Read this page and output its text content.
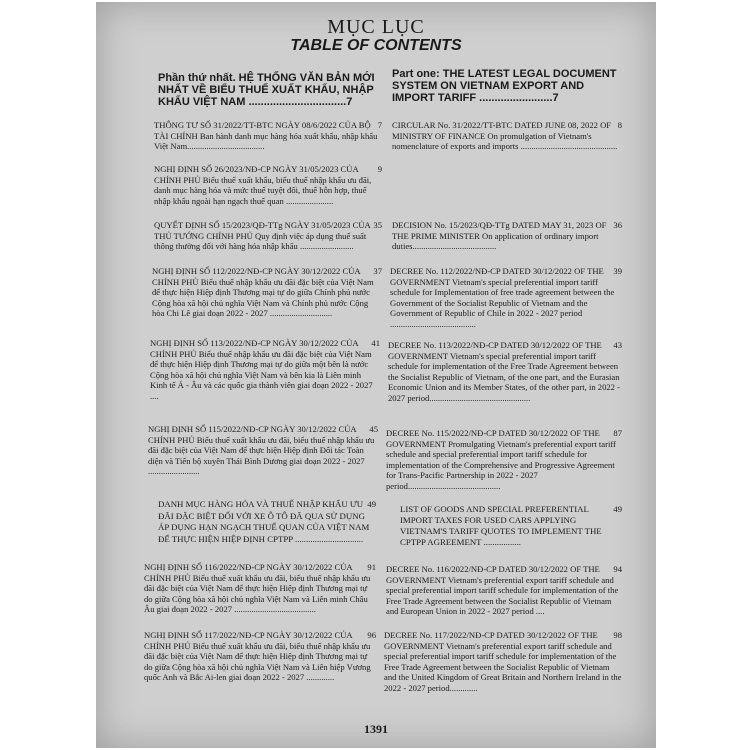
MỤC LỤC
TABLE OF CONTENTS
Phần thứ nhất. HỆ THỐNG VĂN BẢN MỚI NHẤT VỀ BIỂU THUẾ XUẤT KHẨU, NHẬP KHẨU VIỆT NAM ................................7
7
THÔNG TƯ SỐ 31/2022/TT-BTC NGÀY 08/6/2022 CỦA BỘ TÀI CHÍNH Ban hành danh mục hàng hóa xuất khẩu, nhập khẩu Việt Nam....................................
9
NGHỊ ĐỊNH SỐ 26/2023/NĐ-CP NGÀY 31/05/2023 CỦA CHÍNH PHỦ Biểu thuế xuất khẩu, biểu thuế nhập khẩu ưu đãi, danh mục hàng hóa và mức thuế tuyệt đối, thuế hỗn hợp, thuế nhập khẩu ngoài hạn ngạch thuế quan ......................
35
QUYẾT ĐỊNH SỐ 15/2023/QĐ-TTg NGÀY 31/05/2023 CỦA THỦ TƯỚNG CHÍNH PHỦ Quy định việc áp dụng thuế suất thông thường đối với hàng hóa nhập khẩu .........................
37
NGHỊ ĐỊNH SỐ 112/2022/NĐ-CP NGÀY 30/12/2022 CỦA CHÍNH PHỦ Biểu thuế nhập khẩu ưu đãi đặc biệt của Việt Nam để thực hiện Hiệp định Thương mại tự do giữa Chính phủ nước Cộng hòa xã hội chủ nghĩa Việt Nam và Chính phủ nước Cộng hòa Chi Lê giai đoạn 2022 - 2027 .............................
41
NGHỊ ĐỊNH SỐ 113/2022/NĐ-CP NGÀY 30/12/2022 CỦA CHÍNH PHỦ Biểu thuế nhập khẩu ưu đãi đặc biệt của Việt Nam để thực hiện Hiệp định Thương mại tự do giữa một bên là nước Cộng hòa xã hội chủ nghĩa Việt Nam và bên kia là Liên minh Kinh tế Á - Âu và các quốc gia thành viên giai đoạn 2022 - 2027 ....
45
NGHỊ ĐỊNH SỐ 115/2022/NĐ-CP NGÀY 30/12/2022 CỦA CHÍNH PHỦ Biểu thuế xuất khẩu ưu đãi, biểu thuế nhập khẩu ưu đãi đặc biệt của Việt Nam để thực hiện Hiệp định Đối tác Toàn diện và Tiến bộ xuyên Thái Bình Dương giai đoạn 2022 - 2027 ........................
49
DANH MỤC HÀNG HÓA VÀ THUẾ NHẬP KHẨU ƯU ĐÃI ĐẶC BIỆT ĐỐI VỚI XE Ô TÔ ĐÃ QUA SỬ DỤNG ÁP DỤNG HẠN NGẠCH THUẾ QUAN CỦA VIỆT NAM ĐỂ THỰC HIỆN HIỆP ĐỊNH CPTPP ...............................
91
NGHỊ ĐỊNH SỐ 116/2022/NĐ-CP NGÀY 30/12/2022 CỦA CHÍNH PHỦ Biểu thuế xuất khẩu ưu đãi, biểu thuế nhập khẩu ưu đãi đặc biệt của Việt Nam để thực hiện Hiệp định Thương mại tự do giữa Cộng hòa xã hội chủ nghĩa Việt Nam và Liên minh Châu Âu giai đoạn 2022 - 2027 ......................................
96
NGHỊ ĐỊNH SỐ 117/2022/NĐ-CP NGÀY 30/12/2022 CỦA CHÍNH PHỦ Biểu thuế xuất khẩu ưu đãi, biểu thuế nhập khẩu ưu đãi đặc biệt của Việt Nam để thực hiện Hiệp định Thương mại tự do giữa Cộng hòa xã hội chủ nghĩa Việt Nam và Liên hiệp Vương quốc Anh và Bắc Ai-len giai đoạn 2022 - 2027 .............
Part one: THE LATEST LEGAL DOCUMENT SYSTEM ON VIETNAM EXPORT AND IMPORT TARIFF ........................7
8
CIRCULAR No. 31/2022/TT-BTC DATED JUNE 08, 2022 OF MINISTRY OF FINANCE On promulgation of Vietnam's nomenclature of exports and imports .............................................
36
DECISION No. 15/2023/QĐ-TTg DATED MAY 31, 2023 OF THE PRIME MINISTER On application of ordinary import duties.......................................
39
DECREE No. 112/2022/NĐ-CP DATED 30/12/2022 OF THE GOVERNMENT Vietnam's special preferential import tariff schedule for Implementation of free trade agreement between the Government of the Socialist Republic of Vietnam and the Government of Republic of Chile in 2022 - 2027 period ........................................
43
DECREE No. 113/2022/NĐ-CP DATED 30/12/2022 OF THE GOVERNMENT Vietnam's special preferential import tariff schedule for implementation of the Free Trade Agreement between the Socialist Republic of Vietnam, of the one part, and the Eurasian Economic Union and its Member States, of the other part, in 2022 - 2027 period...............................................
87
DECREE No. 115/2022/NĐ-CP DATED 30/12/2022 OF THE GOVERNMENT Promulgating Vietnam's preferential export tariff schedule and special preferential import tariff schedule for implementation of the Comprehensive and Progressive Agreement for Trans-Pacific Partnership in 2022 - 2027 period...........................................
49
LIST OF GOODS AND SPECIAL PREFERENTIAL IMPORT TAXES FOR USED CARS APPLYING VIETNAM'S TARIFF QUOTES TO IMPLEMENT THE CPTPP AGREEMENT .................
94
DECREE No. 116/2022/NĐ-CP DATED 30/12/2022 OF THE GOVERNMENT Vietnam's preferential export tariff schedule and special preferential import tariff schedule for implementation of the Free Trade Agreement between the Socialist Republic of Vietnam and European Union in 2022 - 2027 period ....
98
DECREE No. 117/2022/NĐ-CP DATED 30/12/2022 OF THE GOVERNMENT Vietnam's preferential export tariff schedule and special preferential import tariff schedule for implementation of the Free Trade Agreement between the Socialist Republic of Vietnam and the United Kingdom of Great Britain and Northern Ireland in the 2022 - 2027 period.............
1391
